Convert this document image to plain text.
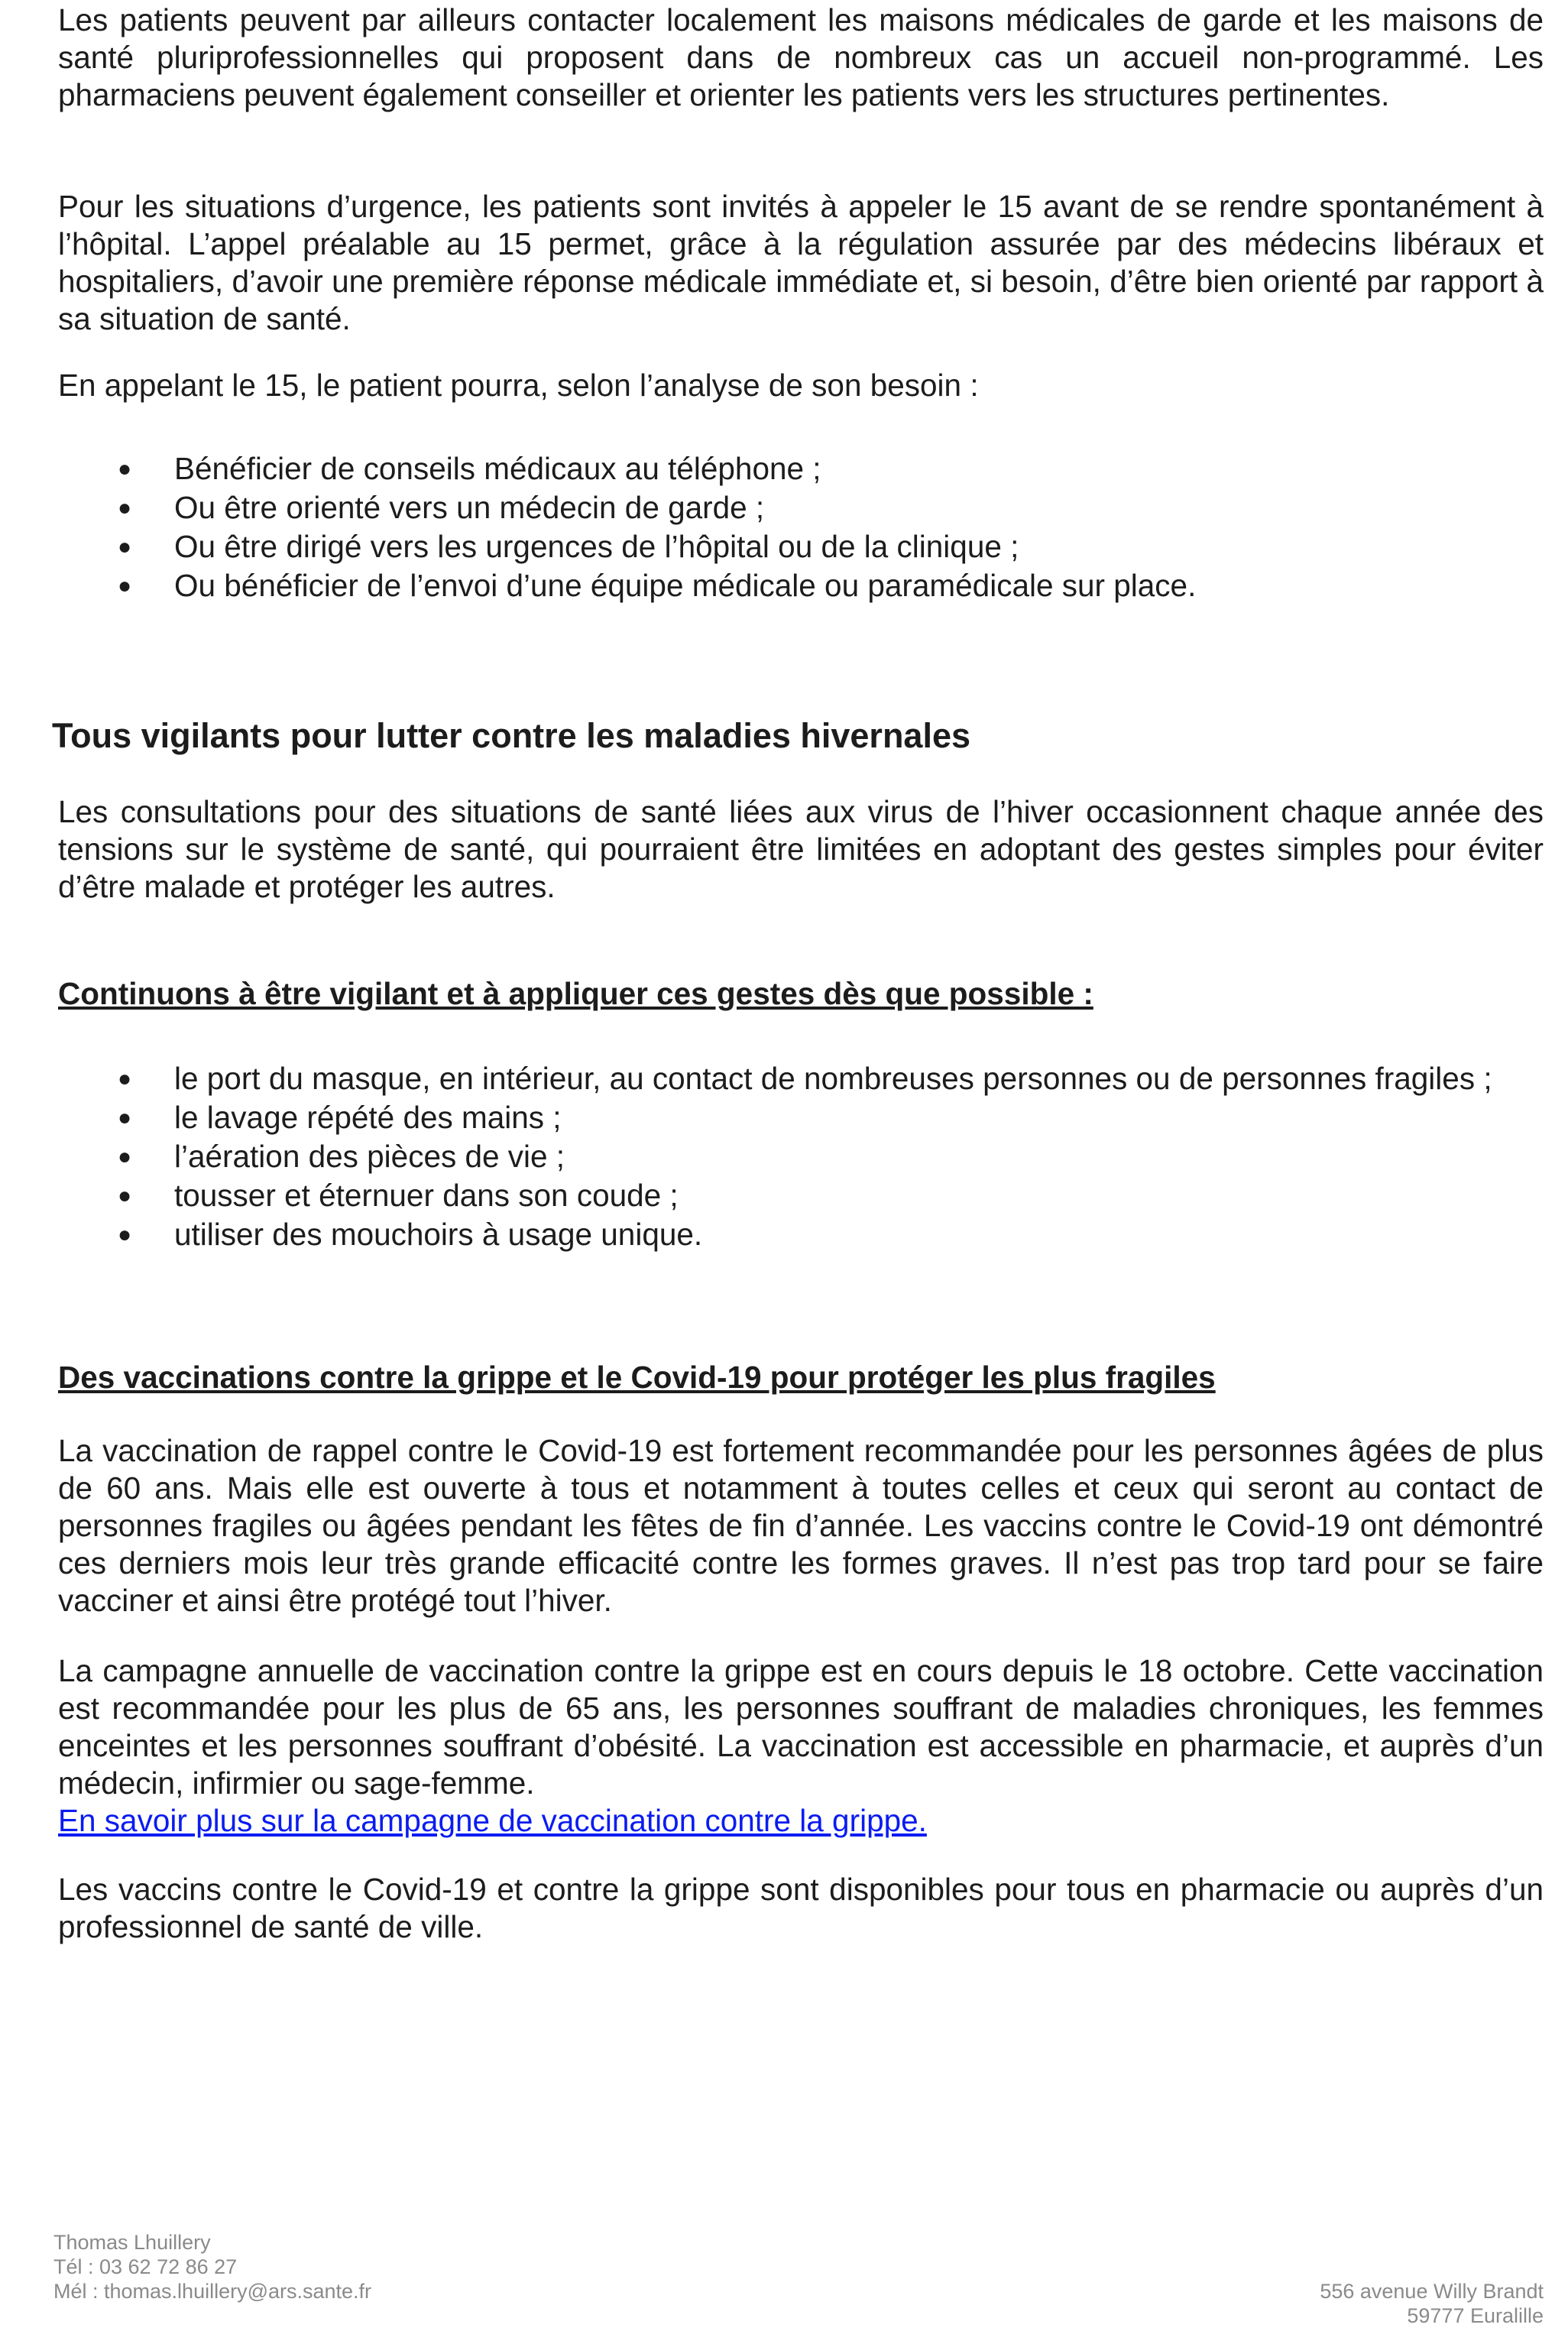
Les patients peuvent par ailleurs contacter localement les maisons médicales de garde et les maisons de santé pluriprofessionnelles qui proposent dans de nombreux cas un accueil non-programmé. Les pharmaciens peuvent également conseiller et orienter les patients vers les structures pertinentes.

Pour les situations d’urgence, les patients sont invités à appeler le 15 avant de se rendre spontanément à l’hôpital. L’appel préalable au 15 permet, grâce à la régulation assurée par des médecins libéraux et hospitaliers, d’avoir une première réponse médicale immédiate et, si besoin, d’être bien orienté par rapport à sa situation de santé.

En appelant le 15, le patient pourra, selon l’analyse de son besoin :

● Bénéficier de conseils médicaux au téléphone ;
● Ou être orienté vers un médecin de garde ;
● Ou être dirigé vers les urgences de l’hôpital ou de la clinique ;
● Ou bénéficier de l’envoi d’une équipe médicale ou paramédicale sur place.
Tous vigilants pour lutter contre les maladies hivernales

Les consultations pour des situations de santé liées aux virus de l’hiver occasionnent chaque année des tensions sur le système de santé, qui pourraient être limitées en adoptant des gestes simples pour éviter d’être malade et protéger les autres.

Continuons à être vigilant et à appliquer ces gestes dès que possible :
● le port du masque, en intérieur, au contact de nombreuses personnes ou de personnes fragiles ;
● le lavage répété des mains ;
● l’aération des pièces de vie ;
● tousser et éternuer dans son coude ;
● utiliser des mouchoirs à usage unique.
Des vaccinations contre la grippe et le Covid-19 pour protéger les plus fragiles

La vaccination de rappel contre le Covid-19 est fortement recommandée pour les personnes âgées de plus de 60 ans. Mais elle est ouverte à tous et notamment à toutes celles et ceux qui seront au contact de personnes fragiles ou âgées pendant les fêtes de fin d’année. Les vaccins contre le Covid-19 ont démontré ces derniers mois leur très grande efficacité contre les formes graves. Il n’est pas trop tard pour se faire vacciner et ainsi être protégé tout l’hiver.

La campagne annuelle de vaccination contre la grippe est en cours depuis le 18 octobre. Cette vaccination est recommandée pour les plus de 65 ans, les personnes souffrant de maladies chroniques, les femmes enceintes et les personnes souffrant d’obésité. La vaccination est accessible en pharmacie, et auprès d’un médecin, infirmier ou sage-femme.

En savoir plus sur la campagne de vaccination contre la grippe.

Les vaccins contre le Covid-19 et contre la grippe sont disponibles pour tous en pharmacie ou auprès d’un professionnel de santé de ville.

Thomas Lhuillery
Tél : 03 62 72 86 27
Mél : thomas.lhuillery@ars.sante.fr	556 avenue Willy Brandt
59777 Euralille
